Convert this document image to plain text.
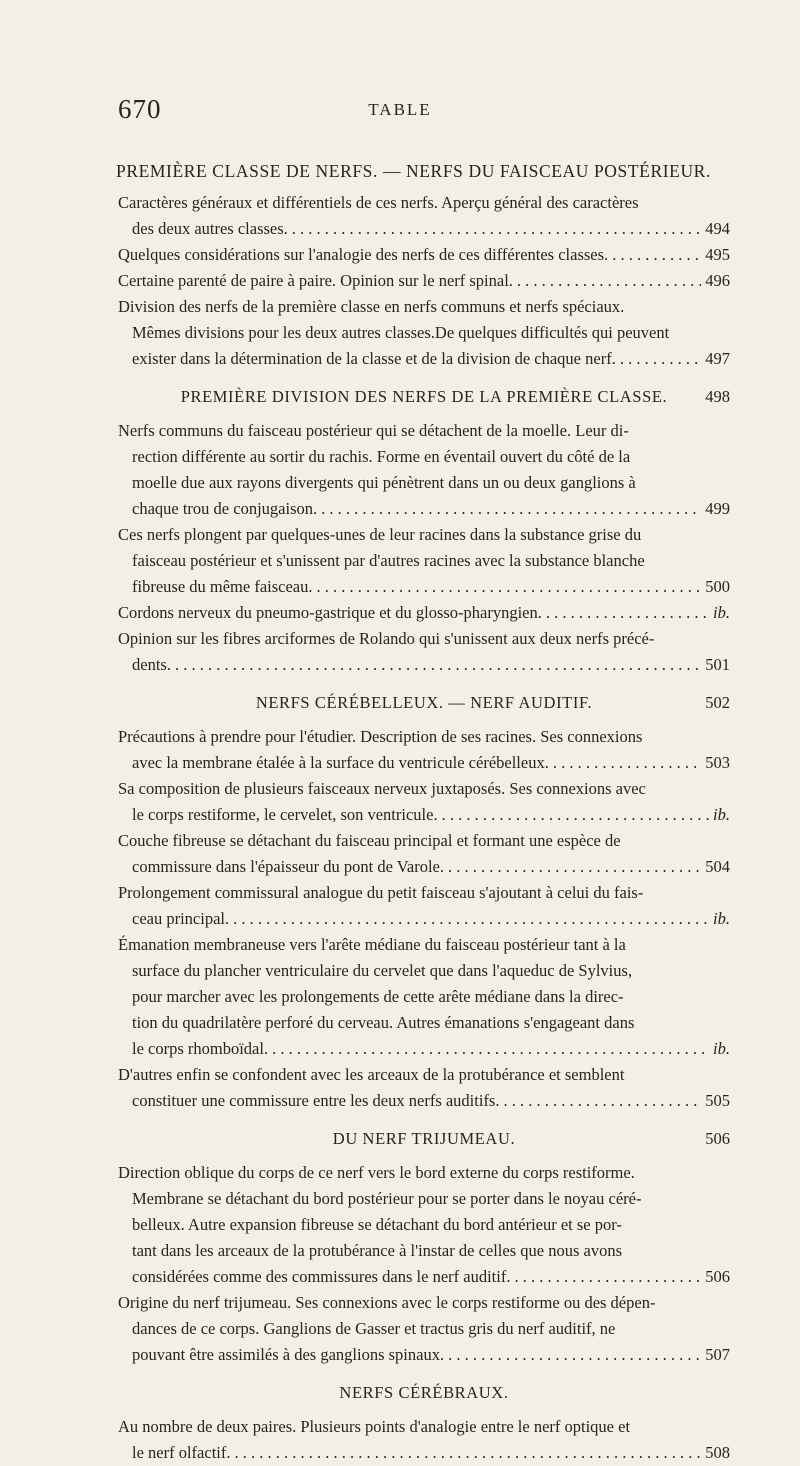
670	TABLE
PREMIÈRE CLASSE DE NERFS. — NERFS DU FAISCEAU POSTÉRIEUR.
Caractères généraux et différentiels de ces nerfs. Aperçu général des caractères
des deux autres classes. . . .	494
Quelques considérations sur l'analogie des nerfs de ces différentes classes. . . .	495
Certaine parenté de paire à paire. Opinion sur le nerf spinal. . . .	496
Division des nerfs de la première classe en nerfs communs et nerfs spéciaux.
Mêmes divisions pour les deux autres classes.De quelques difficultés qui peuvent
exister dans la détermination de la classe et de la division de chaque nerf. . . .	497
PREMIÈRE DIVISION DES NERFS DE LA PREMIÈRE CLASSE. 498
Nerfs communs du faisceau postérieur qui se détachent de la moelle. Leur di-
rection différente au sortir du rachis. Forme en éventail ouvert du côté de la
moelle due aux rayons divergents qui pénètrent dans un ou deux ganglions à
chaque trou de conjugaison. . . .	499
Ces nerfs plongent par quelques-unes de leur racines dans la substance grise du
faisceau postérieur et s'unissent par d'autres racines avec la substance blanche
fibreuse du même faisceau. . . .	500
Cordons nerveux du pneumo-gastrique et du glosso-pharyngien. . . .	ib.
Opinion sur les fibres arciformes de Rolando qui s'unissent aux deux nerfs précé-
dents. . . .	501
NERFS CÉRÉBELLEUX. — NERF AUDITIF.	502
Précautions à prendre pour l'étudier. Description de ses racines. Ses connexions
avec la membrane étalée à la surface du ventricule cérébelleux. . . .	503
Sa composition de plusieurs faisceaux nerveux juxtaposés. Ses connexions avec
le corps restiforme, le cervelet, son ventricule. . . .	ib.
Couche fibreuse se détachant du faisceau principal et formant une espèce de
commissure dans l'épaisseur du pont de Varole. . . .	504
Prolongement commissural analogue du petit faisceau s'ajoutant à celui du fais-
ceau principal. . . .	ib.
Émanation membraneuse vers l'arête médiane du faisceau postérieur tant à la
surface du plancher ventriculaire du cervelet que dans l'aqueduc de Sylvius,
pour marcher avec les prolongements de cette arête médiane dans la direc-
tion du quadrilatère perforé du cerveau. Autres émanations s'engageant dans
le corps rhomboïdal. . . .	ib.
D'autres enfin se confondent avec les arceaux de la protubérance et semblent
constituer une commissure entre les deux nerfs auditifs. . . .	505
DU NERF TRIJUMEAU.	506
Direction oblique du corps de ce nerf vers le bord externe du corps restiforme.
Membrane se détachant du bord postérieur pour se porter dans le noyau céré-
belleux. Autre expansion fibreuse se détachant du bord antérieur et se por-
tant dans les arceaux de la protubérance à l'instar de celles que nous avons
considérées comme des commissures dans le nerf auditif. . . .	506
Origine du nerf trijumeau. Ses connexions avec le corps restiforme ou des dépen-
dances de ce corps. Ganglions de Gasser et tractus gris du nerf auditif, ne
pouvant être assimilés à des ganglions spinaux. . . .	507
NERFS CÉRÉBRAUX.
Au nombre de deux paires. Plusieurs points d'analogie entre le nerf optique et
le nerf olfactif. . . .	508
